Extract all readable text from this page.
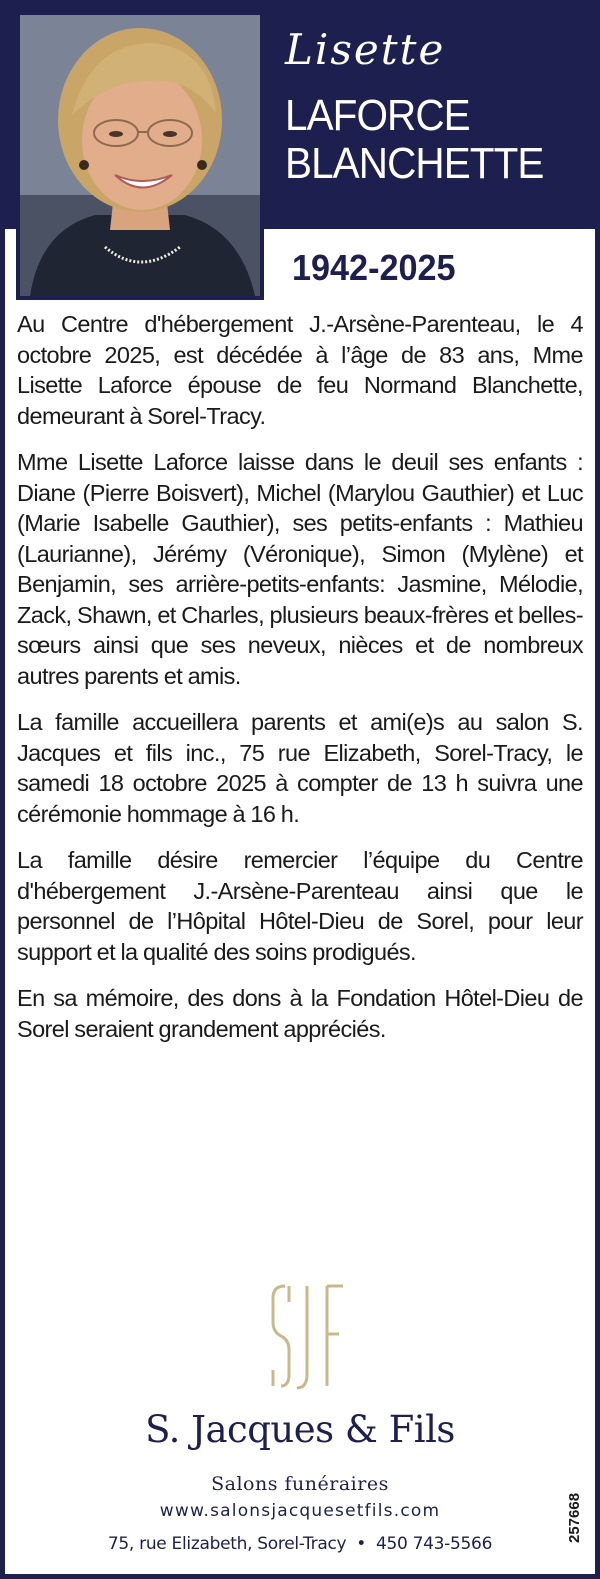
Lisette
LAFORCE
BLANCHETTE
1942-2025

Au Centre d'hébergement J.-Arsène-Parenteau, le 4 octobre 2025, est décédée à l’âge de 83 ans, Mme Lisette Laforce épouse de feu Normand Blanchette, demeurant à Sorel-Tracy.

Mme Lisette Laforce laisse dans le deuil ses enfants : Diane (Pierre Boisvert), Michel (Marylou Gauthier) et Luc (Marie Isabelle Gauthier), ses petits-enfants : Mathieu (Laurianne), Jérémy (Véronique), Simon (Mylène) et Benjamin, ses arrière-petits-enfants: Jasmine, Mélodie, Zack, Shawn, et Charles, plusieurs beaux-frères et belles-sœurs ainsi que ses neveux, nièces et de nombreux autres parents et amis.

La famille accueillera parents et ami(e)s au salon S. Jacques et fils inc., 75 rue Elizabeth, Sorel-Tracy, le samedi 18 octobre 2025 à compter de 13 h suivra une cérémonie hommage à 16 h.

La famille désire remercier l’équipe du Centre d'hébergement J.-Arsène-Parenteau ainsi que le personnel de l’Hôpital Hôtel-Dieu de Sorel, pour leur support et la qualité des soins prodigués.

En sa mémoire, des dons à la Fondation Hôtel-Dieu de Sorel seraient grandement appréciés.

S. Jacques & Fils
Salons funéraires
www.salonsjacquesetfils.com
75, rue Elizabeth, Sorel-Tracy • 450 743-5566
257668
